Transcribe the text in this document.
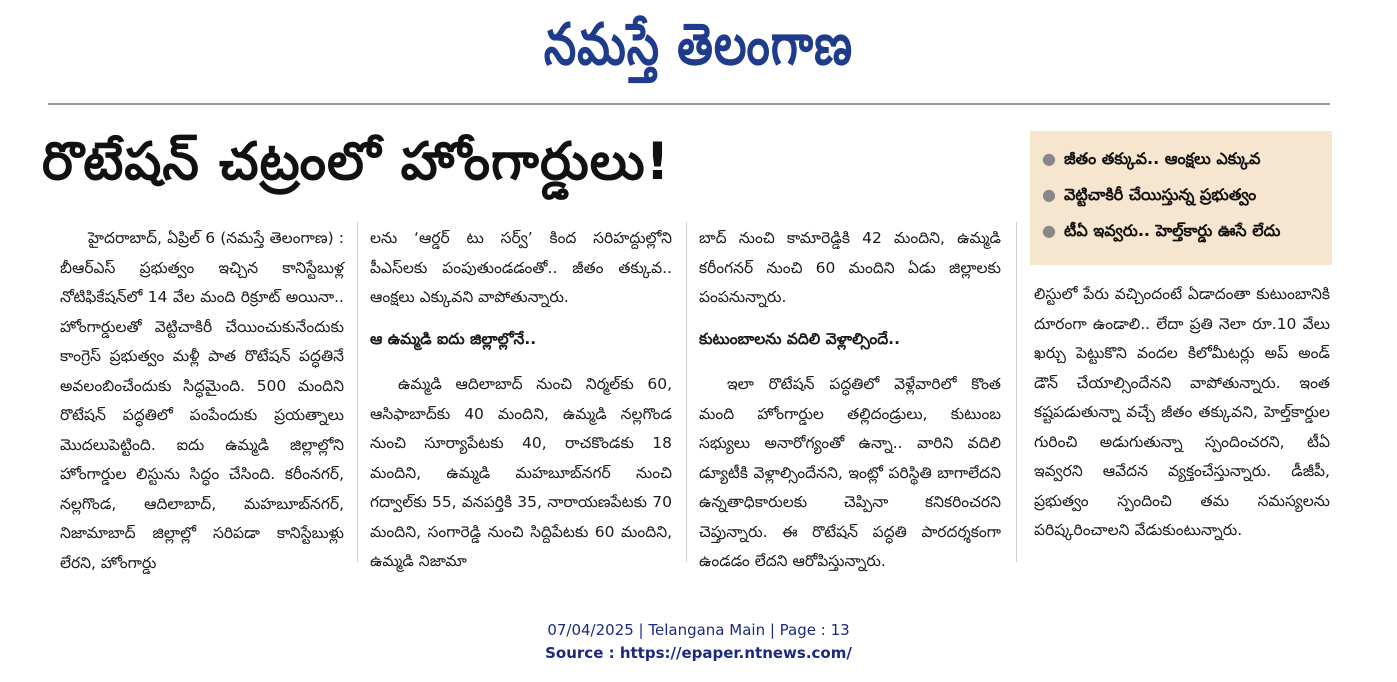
నమస్తే తెలంగాణ
రొటేషన్ చట్రంలో హోంగార్డులు!	● జీతం తక్కువ.. ఆంక్షలు ఎక్కువ
● వెట్టిచాకిరీ చేయిస్తున్న ప్రభుత్వం
● టీఏ ఇవ్వరు.. హెల్త్‌కార్డు ఊసే లేదు

హైదరాబాద్, ఏప్రిల్ 6 (నమస్తే తెలంగాణ) : బీఆర్ఎస్ ప్రభుత్వం ఇచ్చిన కానిస్టేబుళ్ల నోటిఫికేషన్‌లో 14 వేల మంది రిక్రూట్ అయినా.. హోంగార్డులతో వెట్టిచాకిరీ చేయించుకునేందుకు కాంగ్రెస్ ప్రభుత్వం మళ్లీ పాత రొటేషన్ పద్ధతినే అవలంబించేందుకు సిద్ధమైంది. 500 మందిని రొటేషన్ పద్ధతిలో పంపేందుకు ప్రయత్నాలు మొదలుపెట్టింది. ఐదు ఉమ్మడి జిల్లాల్లోని హోంగార్డుల లిస్టును సిద్ధం చేసింది. కరీంనగర్, నల్లగొండ, ఆదిలాబాద్, మహబూబ్‌నగర్, నిజామాబాద్ జిల్లాల్లో సరిపడా కానిస్టేబుళ్లు లేరని, హోంగార్డు

లను ‘ఆర్డర్ టు సర్వ్’ కింద సరిహద్దుల్లోని పీఎస్‌లకు పంపుతుండడంతో.. జీతం తక్కువ.. ఆంక్షలు ఎక్కువని వాపోతున్నారు.

ఆ ఉమ్మడి ఐదు జిల్లాల్లోనే..

ఉమ్మడి ఆదిలాబాద్ నుంచి నిర్మల్‌కు 60, ఆసిఫాబాద్‌కు 40 మందిని, ఉమ్మడి నల్లగొండ నుంచి సూర్యాపేటకు 40, రాచకొండకు 18 మందిని, ఉమ్మడి మహబూబ్‌నగర్ నుంచి గద్వాల్‌కు 55, వనపర్తికి 35, నారాయణపేటకు 70 మందిని, సంగారెడ్డి నుంచి సిద్దిపేటకు 60 మందిని, ఉమ్మడి నిజామా

బాద్ నుంచి కామారెడ్డికి 42 మందిని, ఉమ్మడి కరీంగనర్ నుంచి 60 మందిని ఏడు జిల్లాలకు పంపనున్నారు.

కుటుంబాలను వదిలి వెళ్లాల్సిందే..

ఇలా రొటేషన్ పద్ధతిలో వెళ్లేవారిలో కొంత మంది హోంగార్డుల తల్లిదండ్రులు, కుటుంబ సభ్యులు అనారోగ్యంతో ఉన్నా.. వారిని వదిలి డ్యూటీకి వెళ్లాల్సిందేనని, ఇంట్లో పరిస్థితి బాగాలేదని ఉన్నతాధికారులకు చెప్పినా కనికరించరని చెప్తున్నారు. ఈ రొటేషన్ పద్ధతి పారదర్శకంగా ఉండడం లేదని ఆరోపిస్తున్నారు.

లిస్టులో పేరు వచ్చిందంటే ఏడాదంతా కుటుంబానికి దూరంగా ఉండాలి.. లేదా ప్రతి నెలా రూ.10 వేలు ఖర్చు పెట్టుకొని వందల కిలోమీటర్లు అప్ అండ్ డౌన్ చేయాల్సిందేనని వాపోతున్నారు. ఇంత కష్టపడుతున్నా వచ్చే జీతం తక్కువని, హెల్త్‌కార్డుల గురించి అడుగుతున్నా స్పందించరని, టీఏ ఇవ్వరని ఆవేదన వ్యక్తంచేస్తున్నారు. డీజీపీ, ప్రభుత్వం స్పందించి తమ సమస్యలను పరిష్కరించాలని వేడుకుంటున్నారు.

07/04/2025 | Telangana Main | Page : 13
Source : https://epaper.ntnews.com/
